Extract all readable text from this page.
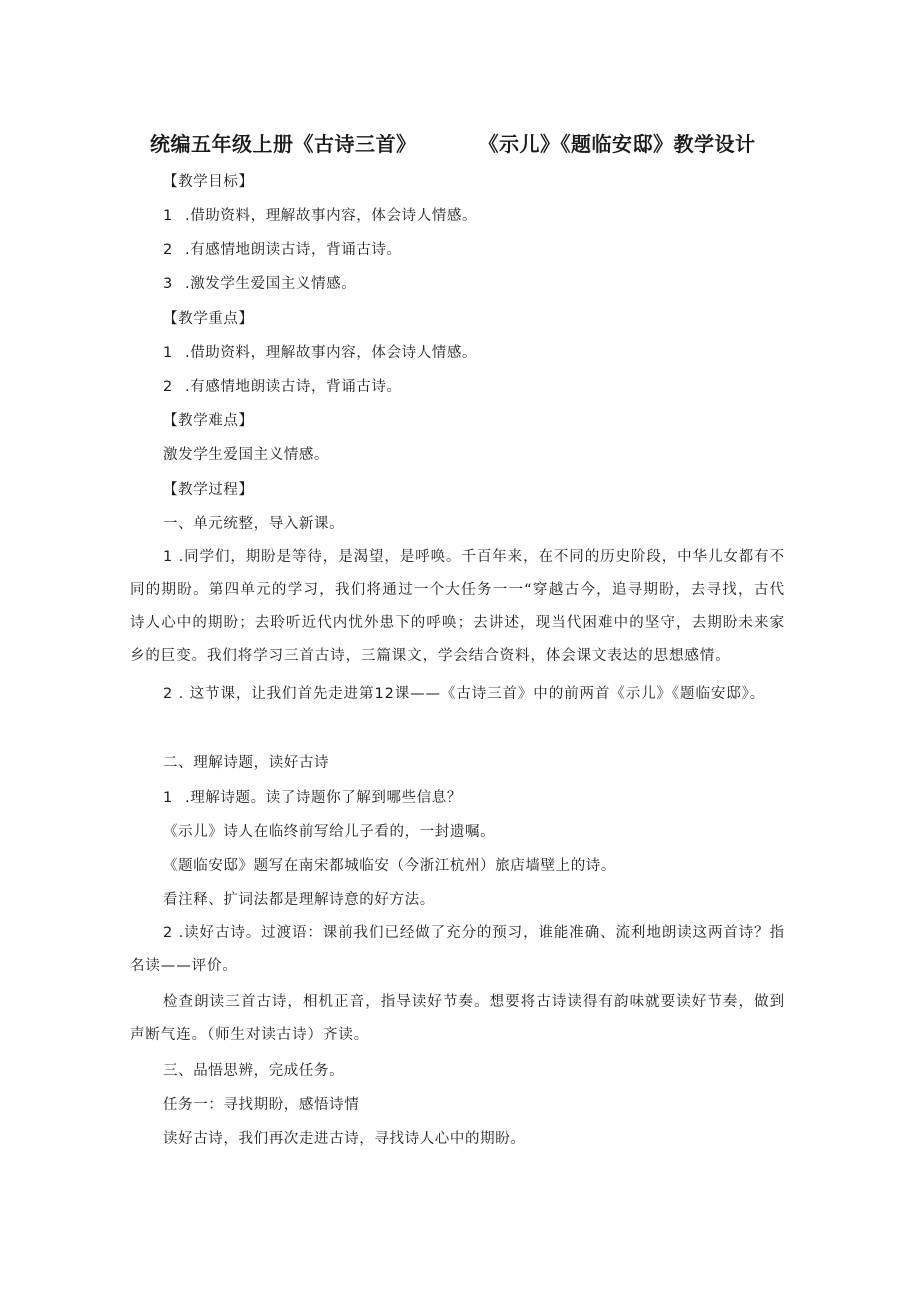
统编五年级上册《古诗三首》	《示儿》《题临安邸》教学设计
【教学目标】
1 .借助资料，理解故事内容，体会诗人情感。
2 .有感情地朗读古诗，背诵古诗。
3 .激发学生爱国主义情感。
【教学重点】
1 .借助资料，理解故事内容，体会诗人情感。
2 .有感情地朗读古诗，背诵古诗。
【教学难点】
激发学生爱国主义情感。
【教学过程】
一、单元统整，导入新课。

1 .同学们，期盼是等待，是渴望，是呼唤。千百年来，在不同的历史阶段，中华儿女都有不同的期盼。第四单元的学习，我们将通过一个大任务一一“穿越古今，追寻期盼，去寻找，古代诗人心中的期盼；去聆听近代内忧外患下的呼唤；去讲述，现当代困难中的坚守，去期盼未来家乡的巨变。我们将学习三首古诗，三篇课文，学会结合资料，体会课文表达的思想感情。

2 . 这节课，让我们首先走进第12课——《古诗三首》中的前两首《示儿》《题临安邸》。

二、理解诗题，读好古诗
1 .理解诗题。读了诗题你了解到哪些信息？
《示儿》诗人在临终前写给儿子看的，一封遗嘱。
《题临安邸》题写在南宋都城临安（今浙江杭州）旅店墙壁上的诗。
看注释、扩词法都是理解诗意的好方法。

2 .读好古诗。过渡语：课前我们已经做了充分的预习，谁能准确、流利地朗读这两首诗？指名读——评价。

检查朗读三首古诗，相机正音，指导读好节奏。想要将古诗读得有韵味就要读好节奏，做到声断气连。（师生对读古诗）齐读。

三、品悟思辨，完成任务。
任务一：寻找期盼，感悟诗情
读好古诗，我们再次走进古诗，寻找诗人心中的期盼。
